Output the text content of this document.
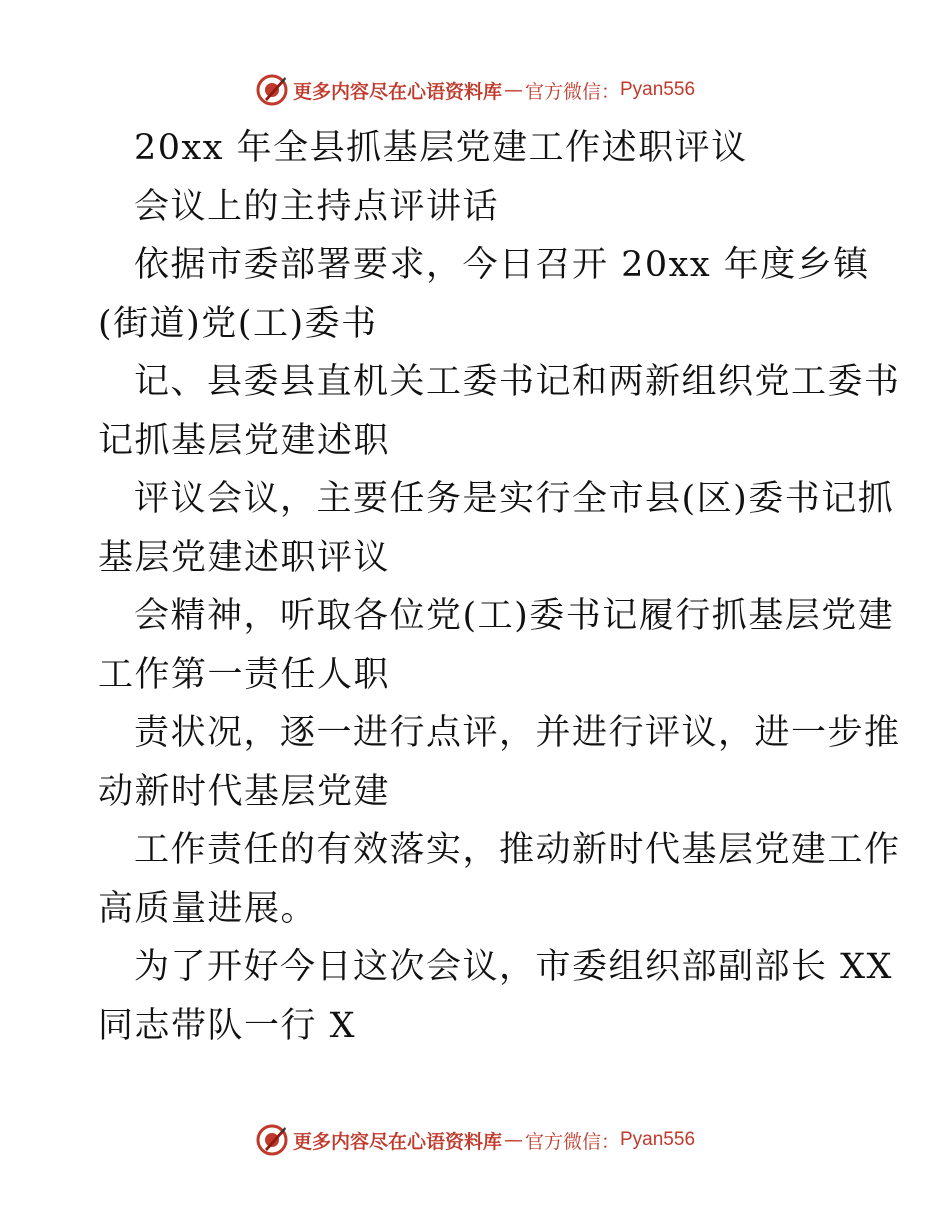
更多内容尽在心语资料库 — 官方微信： Pyan556
20xx 年全县抓基层党建工作述职评议
会议上的主持点评讲话
依据市委部署要求，今日召开 20xx 年度乡镇
(街道)党(工)委书
记、县委县直机关工委书记和两新组织党工委书
记抓基层党建述职
评议会议，主要任务是实行全市县(区)委书记抓
基层党建述职评议
会精神，听取各位党(工)委书记履行抓基层党建
工作第一责任人职
责状况，逐一进行点评，并进行评议，进一步推
动新时代基层党建
工作责任的有效落实，推动新时代基层党建工作
高质量进展。
为了开好今日这次会议，市委组织部副部长 XX
同志带队一行 X
更多内容尽在心语资料库 — 官方微信： Pyan556
